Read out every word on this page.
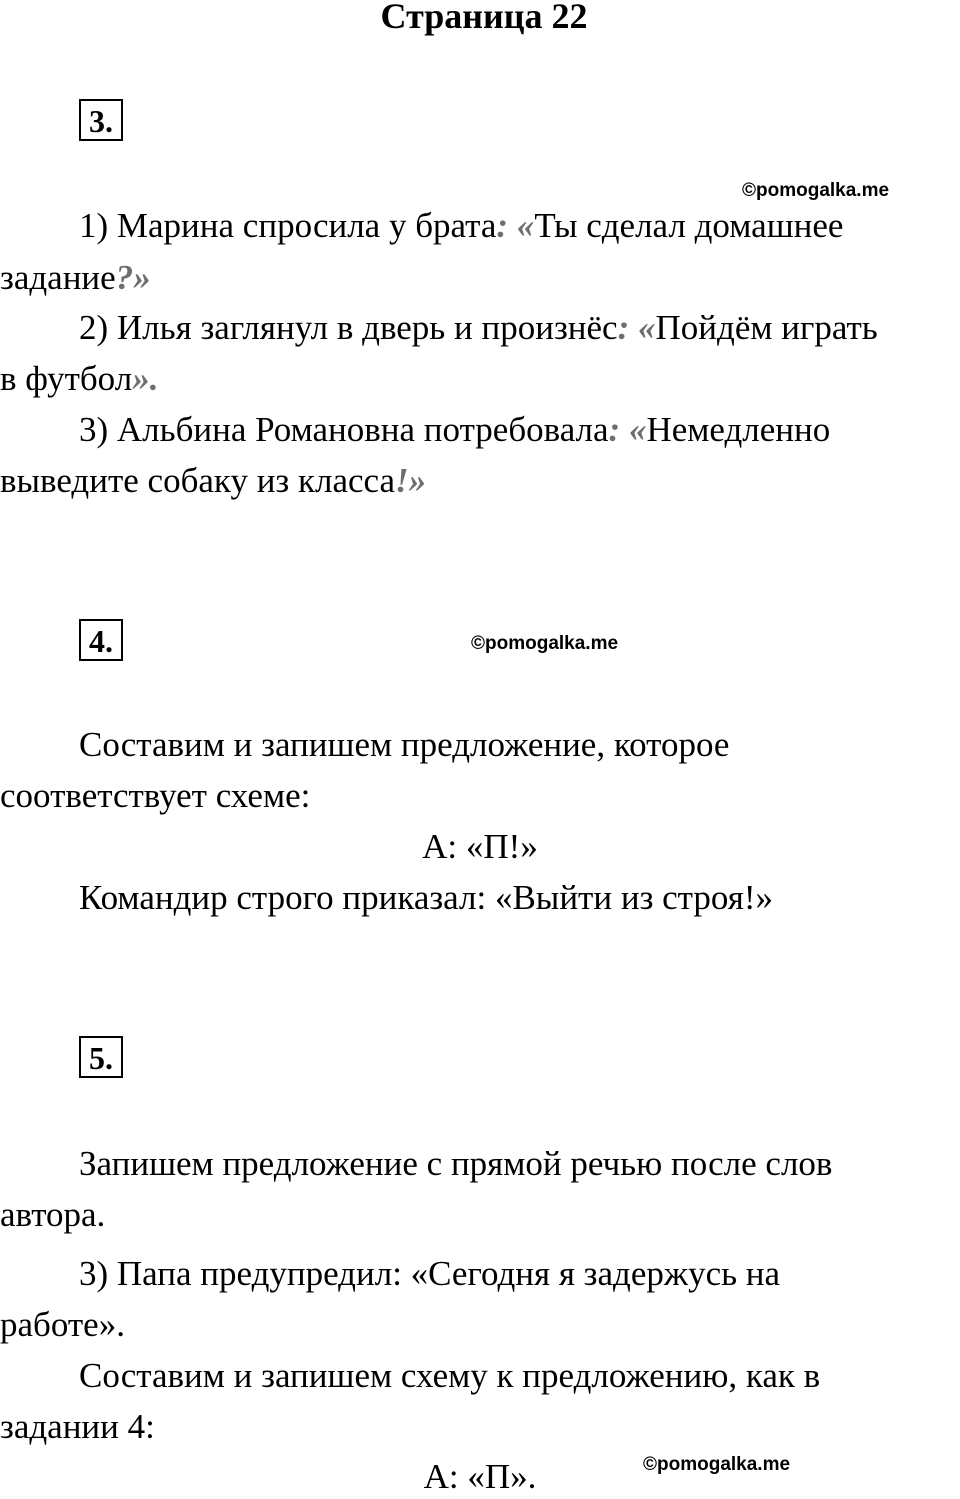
Страница 22
3.
©pomogalka.me
1) Марина спросила у брата: «Ты сделал домашнее
задание?»
2) Илья заглянул в дверь и произнёс: «Пойдём играть
в футбол».
3) Альбина Романовна потребовала: «Немедленно
выведите собаку из класса!»
4.	©pomogalka.me
Составим и запишем предложение, которое
соответствует схеме:
А: «П!»
Командир строго приказал: «Выйти из строя!»
5.
Запишем предложение с прямой речью после слов
автора.
3) Папа предупредил: «Сегодня я задержусь на
работе».
Составим и запишем схему к предложению, как в
задании 4:
А: «П».	©pomogalka.me
